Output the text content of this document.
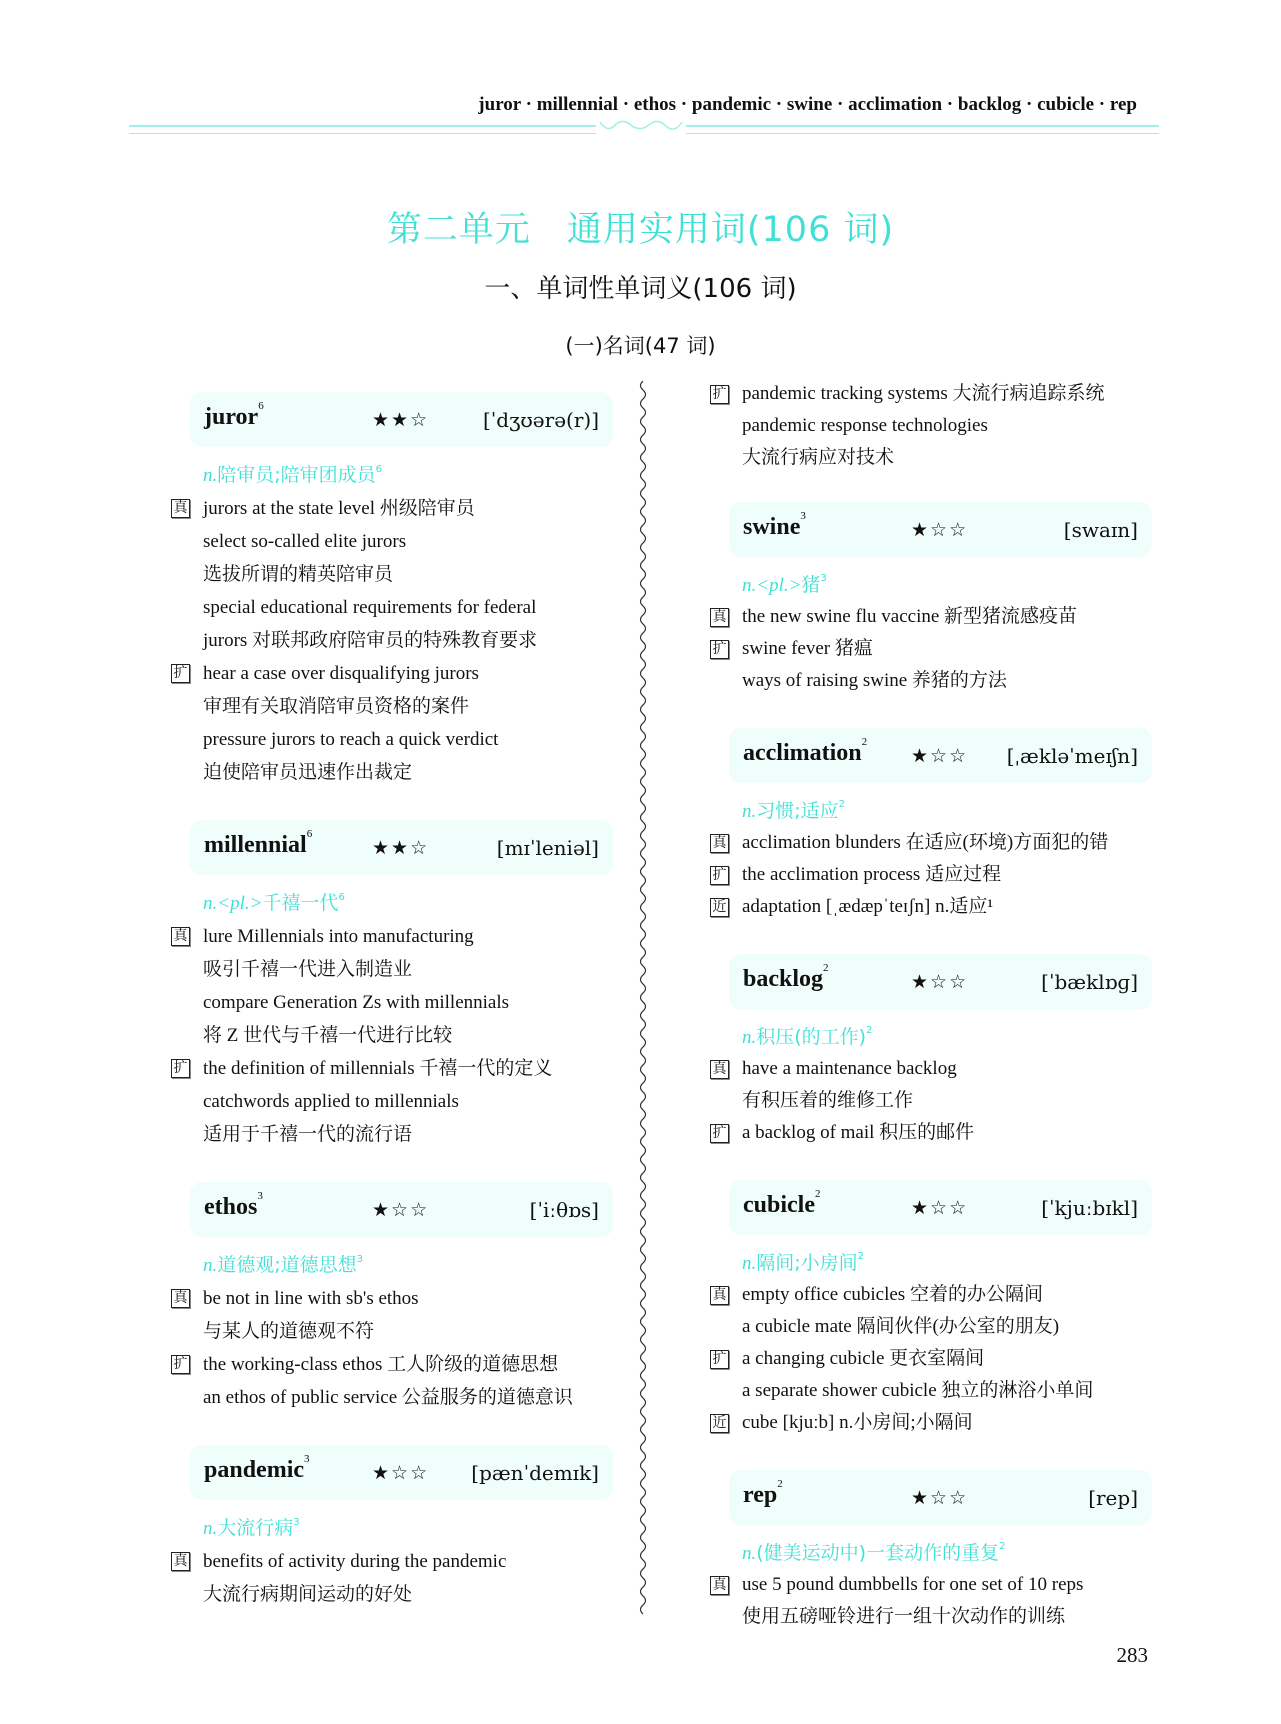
juror · millennial · ethos · pandemic · swine · acclimation · backlog · cubicle · rep
第二单元　通用实用词(106 词)
一、单词性单词义(106 词)
(一)名词(47 词)
juror$^6$
★★☆	[ˈdʒʊərə(r)]
n.陪审员;陪审团成员$^6$
真 jurors at the state level 州级陪审员
select so-called elite jurors
选拔所谓的精英陪审员
special educational requirements for federal
jurors 对联邦政府陪审员的特殊教育要求
扩 hear a case over disqualifying jurors
审理有关取消陪审员资格的案件
pressure jurors to reach a quick verdict
迫使陪审员迅速作出裁定
millennial$^6$
★★☆	[mɪˈleniəl]
n.<pl.>千禧一代$^6$
真 lure Millennials into manufacturing
吸引千禧一代进入制造业
compare Generation Zs with millennials
将 Z 世代与千禧一代进行比较
扩 the definition of millennials 千禧一代的定义
catchwords applied to millennials
适用于千禧一代的流行语
ethos$^3$
★☆☆	[ˈiːθɒs]
n.道德观;道德思想$^3$
真 be not in line with sb's ethos
与某人的道德观不符
扩 the working-class ethos 工人阶级的道德思想
an ethos of public service 公益服务的道德意识
pandemic$^3$
★☆☆ [pænˈdemɪk]
n.大流行病$^3$
真 benefits of activity during the pandemic
大流行病期间运动的好处
扩 pandemic tracking systems 大流行病追踪系统
pandemic response technologies
大流行病应对技术
swine$^3$
★☆☆	[swaɪn]
n.<pl.>猪$^3$
真 the new swine flu vaccine 新型猪流感疫苗
扩 swine fever 猪瘟
ways of raising swine 养猪的方法
acclimation$^2$
★☆☆ [ˌækləˈmeɪʃn]
n.习惯;适应$^2$
真 acclimation blunders 在适应(环境)方面犯的错
扩 the acclimation process 适应过程
近 adaptation [ˌædæpˈteɪʃn] n.适应¹
backlog$^2$
★☆☆	[ˈbæklɒɡ]
n.积压(的工作)$^2$
真 have a maintenance backlog
有积压着的维修工作
扩 a backlog of mail 积压的邮件
cubicle$^2$
★☆☆	[ˈkjuːbɪkl]
n.隔间;小房间$^2$
真 empty office cubicles 空着的办公隔间
a cubicle mate 隔间伙伴(办公室的朋友)
扩 a changing cubicle 更衣室隔间
a separate shower cubicle 独立的淋浴小单间
近 cube [kjuːb] n.小房间;小隔间
rep$^2$
★☆☆	[rep]
n.(健美运动中)一套动作的重复$^2$
真 use 5 pound dumbbells for one set of 10 reps
使用五磅哑铃进行一组十次动作的训练
283
